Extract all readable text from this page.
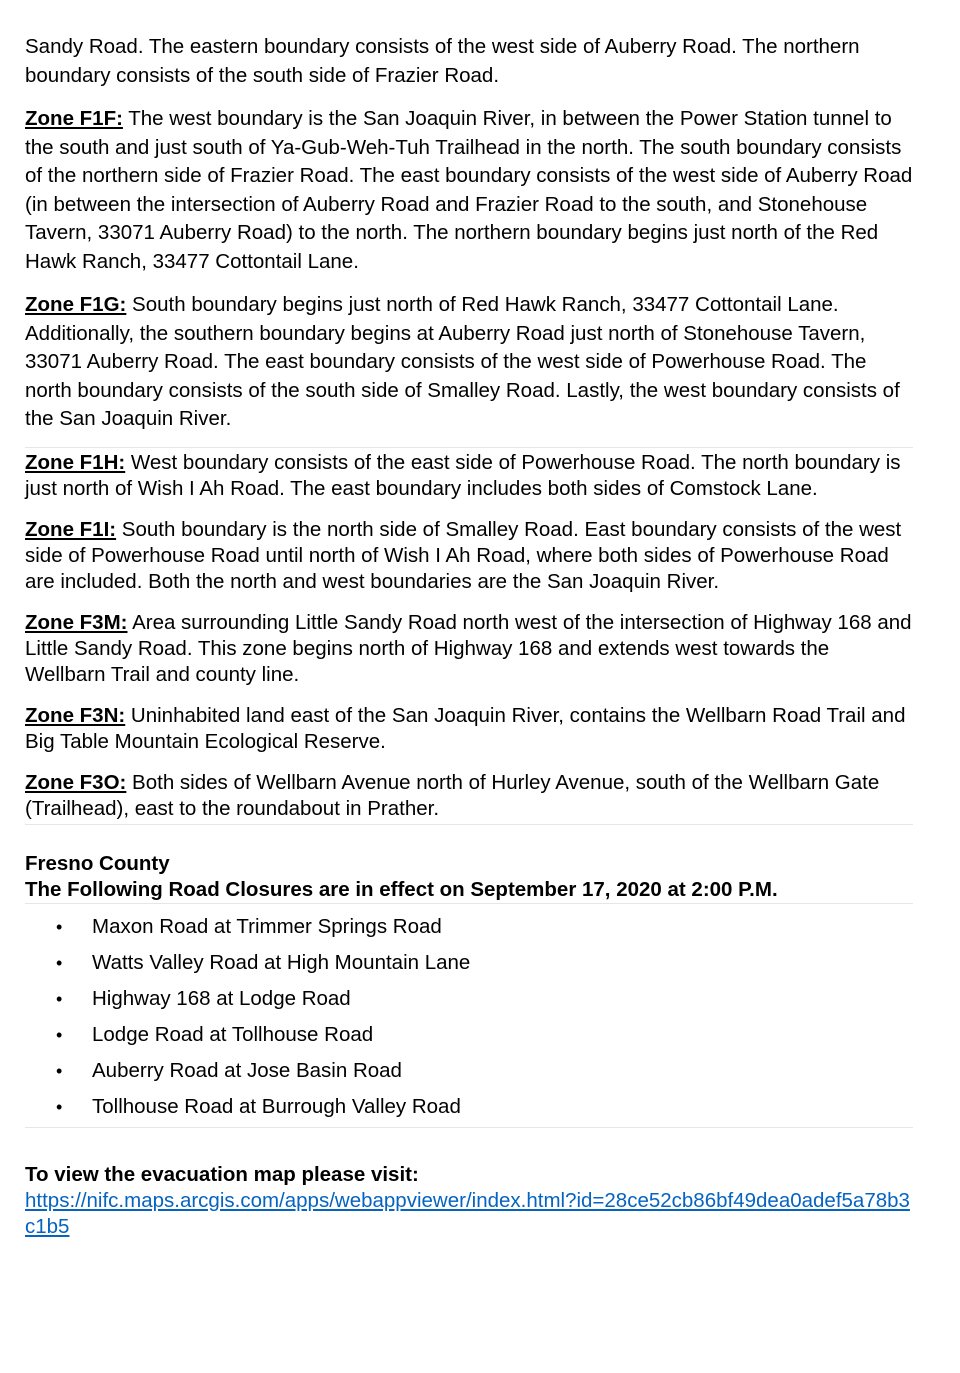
Sandy Road. The eastern boundary consists of the west side of Auberry Road. The northern boundary consists of the south side of Frazier Road.

Zone F1F: The west boundary is the San Joaquin River, in between the Power Station tunnel to the south and just south of Ya-Gub-Weh-Tuh Trailhead in the north. The south boundary consists of the northern side of Frazier Road. The east boundary consists of the west side of Auberry Road (in between the intersection of Auberry Road and Frazier Road to the south, and Stonehouse Tavern, 33071 Auberry Road) to the north. The northern boundary begins just north of the Red Hawk Ranch, 33477 Cottontail Lane.

Zone F1G: South boundary begins just north of Red Hawk Ranch, 33477 Cottontail Lane. Additionally, the southern boundary begins at Auberry Road just north of Stonehouse Tavern, 33071 Auberry Road. The east boundary consists of the west side of Powerhouse Road. The north boundary consists of the south side of Smalley Road. Lastly, the west boundary consists of the San Joaquin River.

Zone F1H: West boundary consists of the east side of Powerhouse Road. The north boundary is just north of Wish I Ah Road. The east boundary includes both sides of Comstock Lane.

Zone F1I: South boundary is the north side of Smalley Road. East boundary consists of the west side of Powerhouse Road until north of Wish I Ah Road, where both sides of Powerhouse Road are included. Both the north and west boundaries are the San Joaquin River.

Zone F3M: Area surrounding Little Sandy Road north west of the intersection of Highway 168 and Little Sandy Road. This zone begins north of Highway 168 and extends west towards the Wellbarn Trail and county line.

Zone F3N: Uninhabited land east of the San Joaquin River, contains the Wellbarn Road Trail and Big Table Mountain Ecological Reserve.

Zone F3O: Both sides of Wellbarn Avenue north of Hurley Avenue, south of the Wellbarn Gate (Trailhead), east to the roundabout in Prather.

Fresno County
The Following Road Closures are in effect on September 17, 2020 at 2:00 P.M.
• Maxon Road at Trimmer Springs Road
• Watts Valley Road at High Mountain Lane
• Highway 168 at Lodge Road
• Lodge Road at Tollhouse Road
• Auberry Road at Jose Basin Road
• Tollhouse Road at Burrough Valley Road
To view the evacuation map please visit:
https://nifc.maps.arcgis.com/apps/webappviewer/index.html?id=28ce52cb86bf49dea0adef5a78b3c1b5
